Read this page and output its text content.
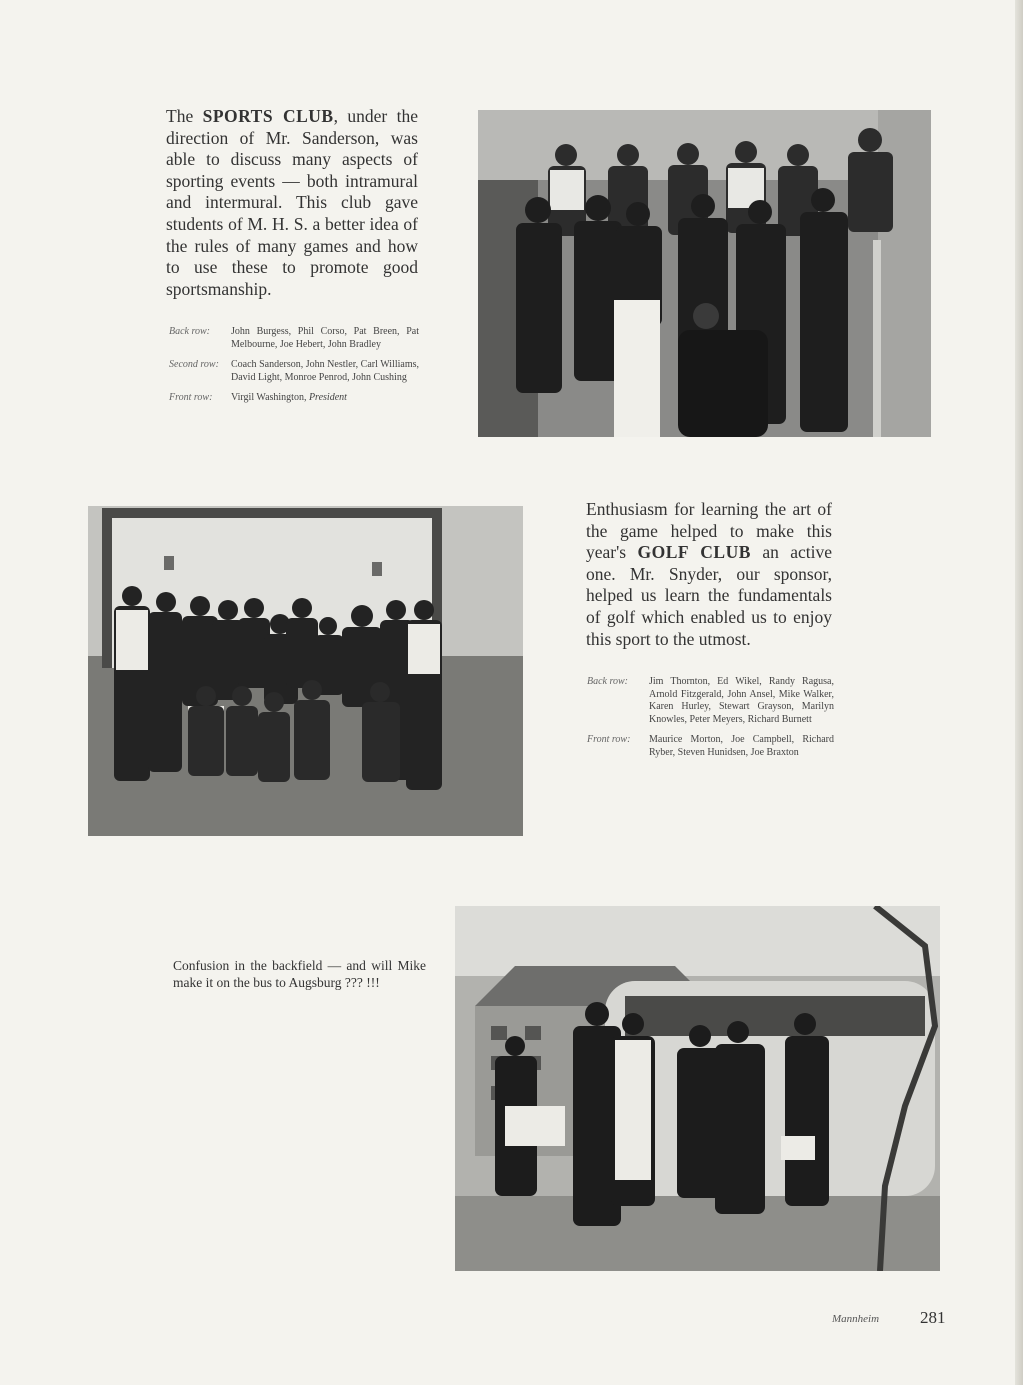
The SPORTS CLUB, under the direction of Mr. Sanderson, was able to discuss many aspects of sporting events — both intramural and intermural. This club gave students of M. H. S. a better idea of the rules of many games and how to use these to promote good sportsmanship.
Back row:	John Burgess, Phil Corso, Pat Breen, Pat Melbourne, Joe Hebert, John Bradley
Second row:	Coach Sanderson, John Nestler, Carl Williams, David Light, Monroe Penrod, John Cushing
Front row:	Virgil Washington, President
Enthusiasm for learning the art of the game helped to make this year's GOLF CLUB an active one. Mr. Snyder, our sponsor, helped us learn the fundamentals of golf which enabled us to enjoy this sport to the utmost.
Back row:	Jim Thornton, Ed Wikel, Randy Ragusa, Arnold Fitzgerald, John Ansel, Mike Walker, Karen Hurley, Stewart Grayson, Marilyn Knowles, Peter Meyers, Richard Burnett
Front row:	Maurice Morton, Joe Campbell, Richard Ryber, Steven Hunidsen, Joe Braxton
Confusion in the backfield — and will Mike make it on the bus to Augsburg ??? !!!
Mannheim 281
